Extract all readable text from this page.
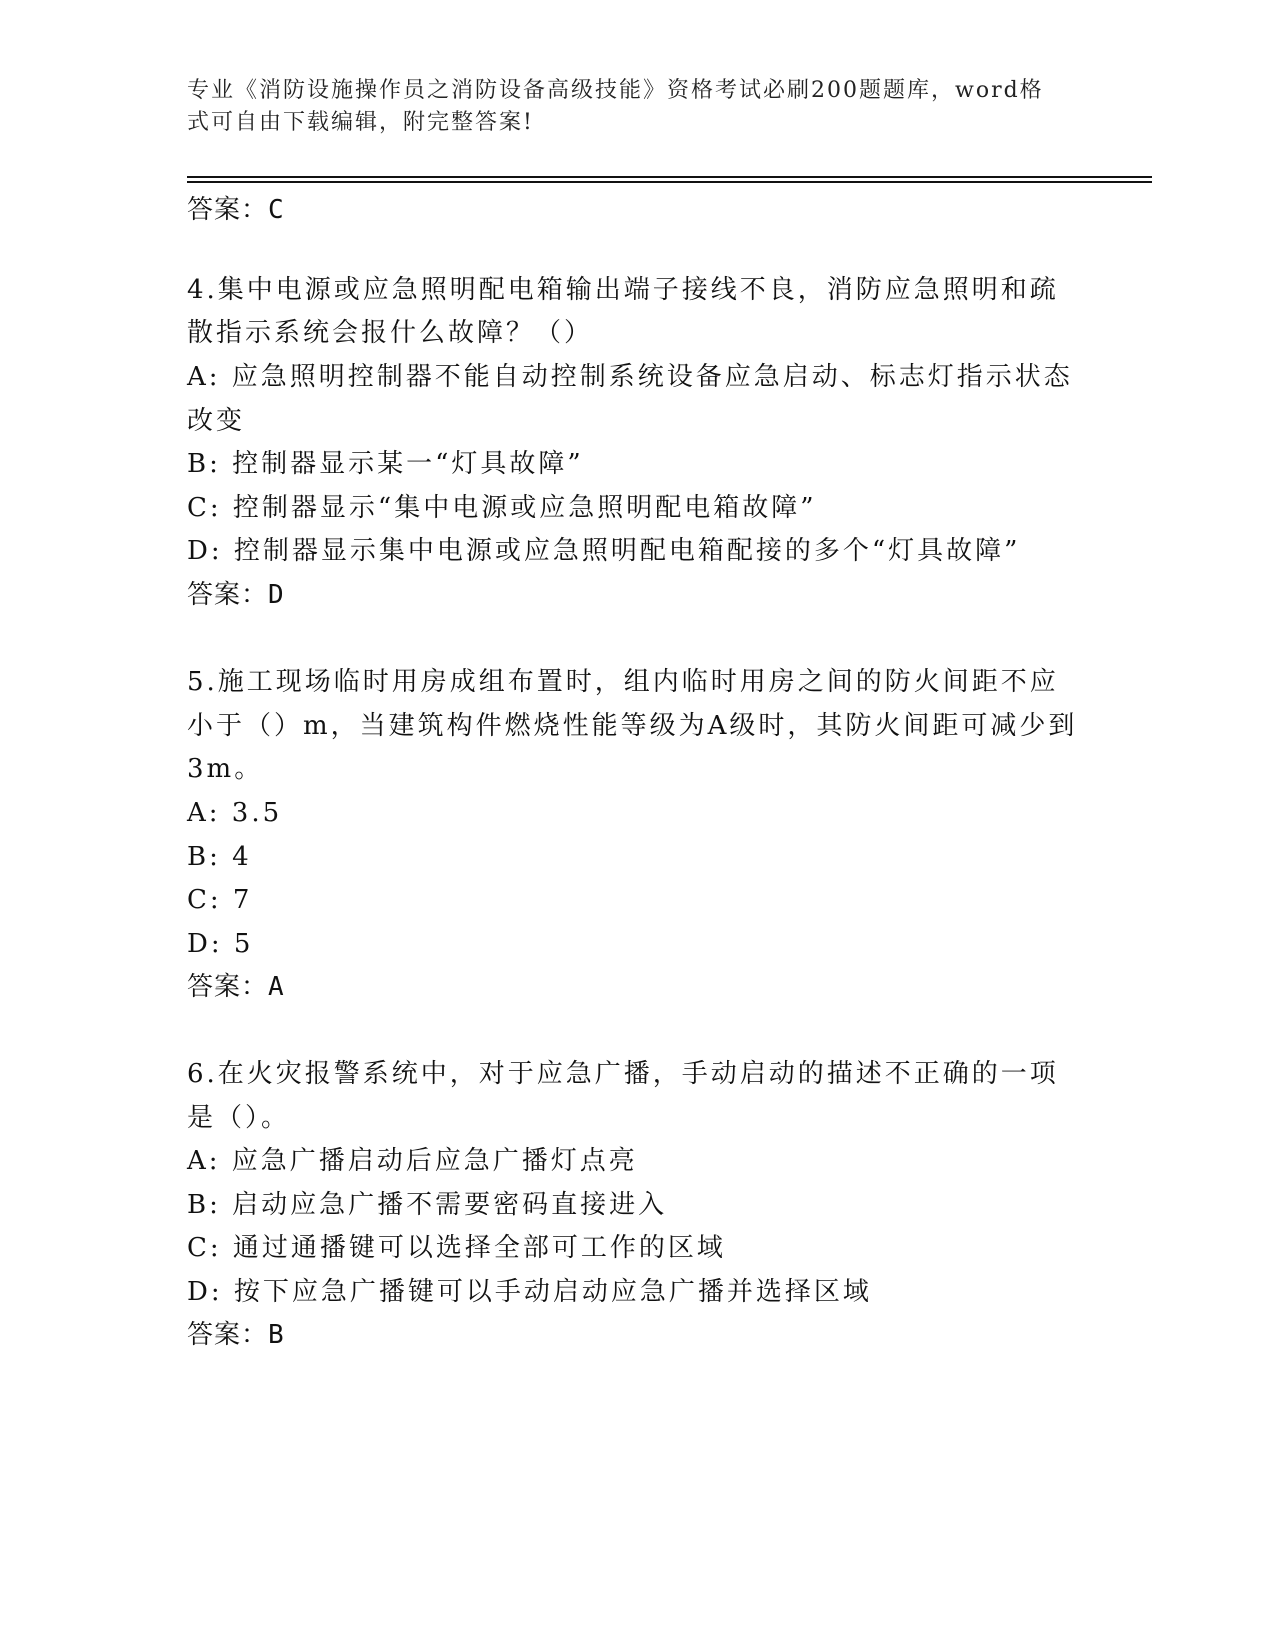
专业《消防设施操作员之消防设备高级技能》资格考试必刷200题题库，word格
式可自由下载编辑，附完整答案!
答案：C
4.集中电源或应急照明配电箱输出端子接线不良，消防应急照明和疏
散指示系统会报什么故障？（）
A: 应急照明控制器不能自动控制系统设备应急启动、标志灯指示状态
改变
B: 控制器显示某一“灯具故障”
C: 控制器显示“集中电源或应急照明配电箱故障”
D: 控制器显示集中电源或应急照明配电箱配接的多个“灯具故障”
答案：D
5.施工现场临时用房成组布置时，组内临时用房之间的防火间距不应
小于（）m，当建筑构件燃烧性能等级为A级时，其防火间距可减少到
3m。
A: 3.5
B: 4
C: 7
D: 5
答案：A
6.在火灾报警系统中，对于应急广播，手动启动的描述不正确的一项
是（）。
A: 应急广播启动后应急广播灯点亮
B: 启动应急广播不需要密码直接进入
C: 通过通播键可以选择全部可工作的区域
D: 按下应急广播键可以手动启动应急广播并选择区域
答案：B
